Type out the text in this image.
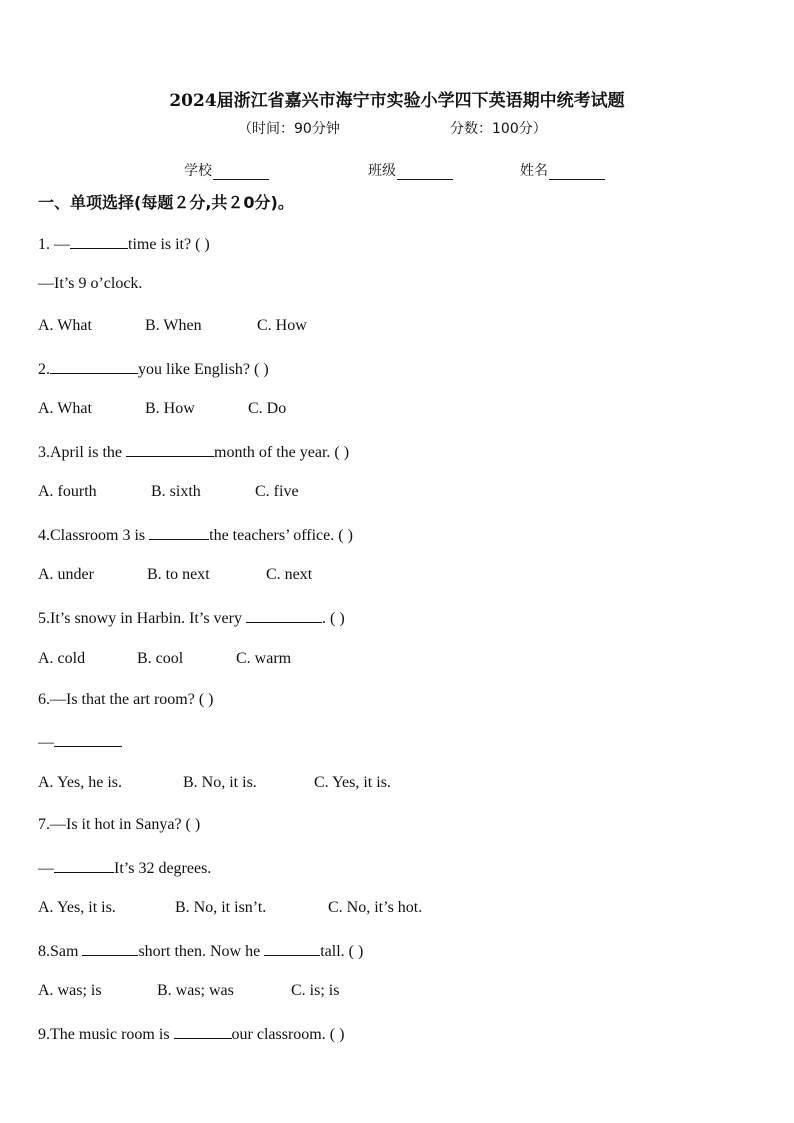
2024届浙江省嘉兴市海宁市实验小学四下英语期中统考试题
（时间：90分钟	分数：100分）
学校	班级	姓名
一、单项选择(每题２分,共２0分)。
1. —	time is it? ( )
—It’s 9 o’clock.
A. What	B. When	C. How
2.	you like English? ( )
A. What	B. How	C. Do
3.April is the	month of the year. ( )
A. fourth	B. sixth	C. five
4.Classroom 3 is	the teachers’ office. ( )
A. under	B. to next	C. next
5.It’s snowy in Harbin. It’s very	. ( )
A. cold	B. cool	C. warm
6.—Is that the art room? ( )
—
A. Yes, he is.	B. No, it is.	C. Yes, it is.
7.—Is it hot in Sanya? ( )
—	It’s 32 degrees.
A. Yes, it is.	B. No, it isn’t.	C. No, it’s hot.
8.Sam	short then. Now he	tall. ( )
A. was; is	B. was; was	C. is; is
9.The music room is	our classroom. ( )
